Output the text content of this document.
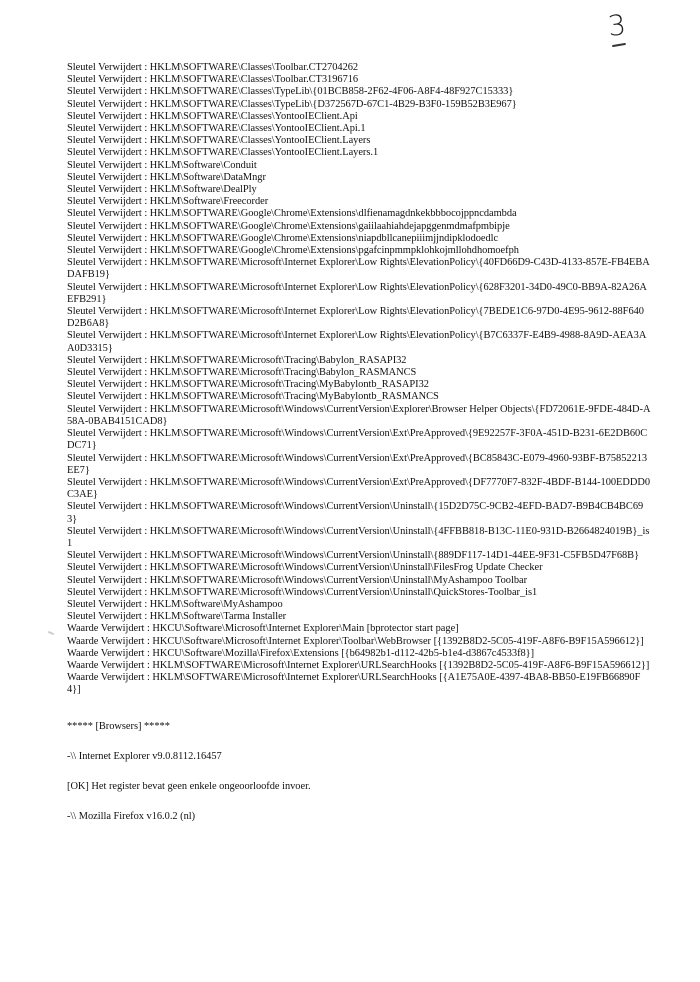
3
Sleutel Verwijdert : HKLM\SOFTWARE\Classes\Toolbar.CT2704262
Sleutel Verwijdert : HKLM\SOFTWARE\Classes\Toolbar.CT3196716
Sleutel Verwijdert : HKLM\SOFTWARE\Classes\TypeLib\{01BCB858-2F62-4F06-A8F4-48F927C15333}
Sleutel Verwijdert : HKLM\SOFTWARE\Classes\TypeLib\{D372567D-67C1-4B29-B3F0-159B52B3E967}
Sleutel Verwijdert : HKLM\SOFTWARE\Classes\YontooIEClient.Api
Sleutel Verwijdert : HKLM\SOFTWARE\Classes\YontooIEClient.Api.1
Sleutel Verwijdert : HKLM\SOFTWARE\Classes\YontooIEClient.Layers
Sleutel Verwijdert : HKLM\SOFTWARE\Classes\YontooIEClient.Layers.1
Sleutel Verwijdert : HKLM\Software\Conduit
Sleutel Verwijdert : HKLM\Software\DataMngr
Sleutel Verwijdert : HKLM\Software\DealPly
Sleutel Verwijdert : HKLM\Software\Freecorder
Sleutel Verwijdert : HKLM\SOFTWARE\Google\Chrome\Extensions\dlfienamagdnkekbbbocojppncdambda
Sleutel Verwijdert : HKLM\SOFTWARE\Google\Chrome\Extensions\gaiilaahiahdejapggenmdmafpmbipje
Sleutel Verwijdert : HKLM\SOFTWARE\Google\Chrome\Extensions\niapdbllcanepiiimjjndipklodoedlc
Sleutel Verwijdert : HKLM\SOFTWARE\Google\Chrome\Extensions\pgafcinpmmpklohkojmllohdhomoefph
Sleutel Verwijdert : HKLM\SOFTWARE\Microsoft\Internet Explorer\Low Rights\ElevationPolicy\{40FD66D9-C43D-4133-857E-FB4EBADAFB19}
Sleutel Verwijdert : HKLM\SOFTWARE\Microsoft\Internet Explorer\Low Rights\ElevationPolicy\{628F3201-34D0-49C0-BB9A-82A26AEFB291}
Sleutel Verwijdert : HKLM\SOFTWARE\Microsoft\Internet Explorer\Low Rights\ElevationPolicy\{7BEDE1C6-97D0-4E95-9612-88F640D2B6A8}
Sleutel Verwijdert : HKLM\SOFTWARE\Microsoft\Internet Explorer\Low Rights\ElevationPolicy\{B7C6337F-E4B9-4988-8A9D-AEA3AA0D3315}
Sleutel Verwijdert : HKLM\SOFTWARE\Microsoft\Tracing\Babylon_RASAPI32
Sleutel Verwijdert : HKLM\SOFTWARE\Microsoft\Tracing\Babylon_RASMANCS
Sleutel Verwijdert : HKLM\SOFTWARE\Microsoft\Tracing\MyBabylontb_RASAPI32
Sleutel Verwijdert : HKLM\SOFTWARE\Microsoft\Tracing\MyBabylontb_RASMANCS
Sleutel Verwijdert : HKLM\SOFTWARE\Microsoft\Windows\CurrentVersion\Explorer\Browser Helper Objects\{FD72061E-9FDE-484D-A58A-0BAB4151CAD8}
Sleutel Verwijdert : HKLM\SOFTWARE\Microsoft\Windows\CurrentVersion\Ext\PreApproved\{9E92257F-3F0A-451D-B231-6E2DB60CDC71}
Sleutel Verwijdert : HKLM\SOFTWARE\Microsoft\Windows\CurrentVersion\Ext\PreApproved\{BC85843C-E079-4960-93BF-B75852213EE7}
Sleutel Verwijdert : HKLM\SOFTWARE\Microsoft\Windows\CurrentVersion\Ext\PreApproved\{DF7770F7-832F-4BDF-B144-100EDDD0C3AE}
Sleutel Verwijdert : HKLM\SOFTWARE\Microsoft\Windows\CurrentVersion\Uninstall\{15D2D75C-9CB2-4EFD-BAD7-B9B4CB4BC693}
Sleutel Verwijdert : HKLM\SOFTWARE\Microsoft\Windows\CurrentVersion\Uninstall\{4FFBB818-B13C-11E0-931D-B2664824019B}_is1
Sleutel Verwijdert : HKLM\SOFTWARE\Microsoft\Windows\CurrentVersion\Uninstall\{889DF117-14D1-44EE-9F31-C5FB5D47F68B}
Sleutel Verwijdert : HKLM\SOFTWARE\Microsoft\Windows\CurrentVersion\Uninstall\FilesFrog Update Checker
Sleutel Verwijdert : HKLM\SOFTWARE\Microsoft\Windows\CurrentVersion\Uninstall\MyAshampoo Toolbar
Sleutel Verwijdert : HKLM\SOFTWARE\Microsoft\Windows\CurrentVersion\Uninstall\QuickStores-Toolbar_is1
Sleutel Verwijdert : HKLM\Software\MyAshampoo
Sleutel Verwijdert : HKLM\Software\Tarma Installer
Waarde Verwijdert : HKCU\Software\Microsoft\Internet Explorer\Main [bprotector start page]
Waarde Verwijdert : HKCU\Software\Microsoft\Internet Explorer\Toolbar\WebBrowser [{1392B8D2-5C05-419F-A8F6-B9F15A596612}]
Waarde Verwijdert : HKCU\Software\Mozilla\Firefox\Extensions [{b64982b1-d112-42b5-b1e4-d3867c4533f8}]
Waarde Verwijdert : HKLM\SOFTWARE\Microsoft\Internet Explorer\URLSearchHooks [{1392B8D2-5C05-419F-A8F6-B9F15A596612}]
Waarde Verwijdert : HKLM\SOFTWARE\Microsoft\Internet Explorer\URLSearchHooks [{A1E75A0E-4397-4BA8-BB50-E19FB66890F4}]
***** [Browsers] *****
-\\ Internet Explorer v9.0.8112.16457
[OK] Het register bevat geen enkele ongeoorloofde invoer.
-\\ Mozilla Firefox v16.0.2 (nl)
